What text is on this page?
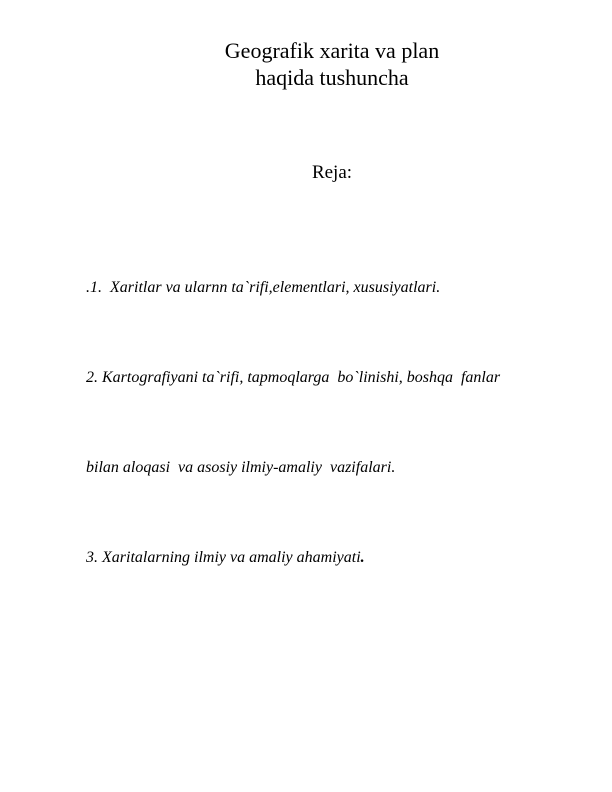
Geografik xarita va plan
haqida tushuncha
Reja:

.1.  Xaritlar va ularnn ta`rifi,elementlari, xususiyatlari.

2. Kartografiyani ta`rifi, tapmoqlarga  bo`linishi, boshqa  fanlar

bilan aloqasi  va asosiy ilmiy-amaliy  vazifalari.

3. Xaritalarning ilmiy va amaliy ahamiyati.
